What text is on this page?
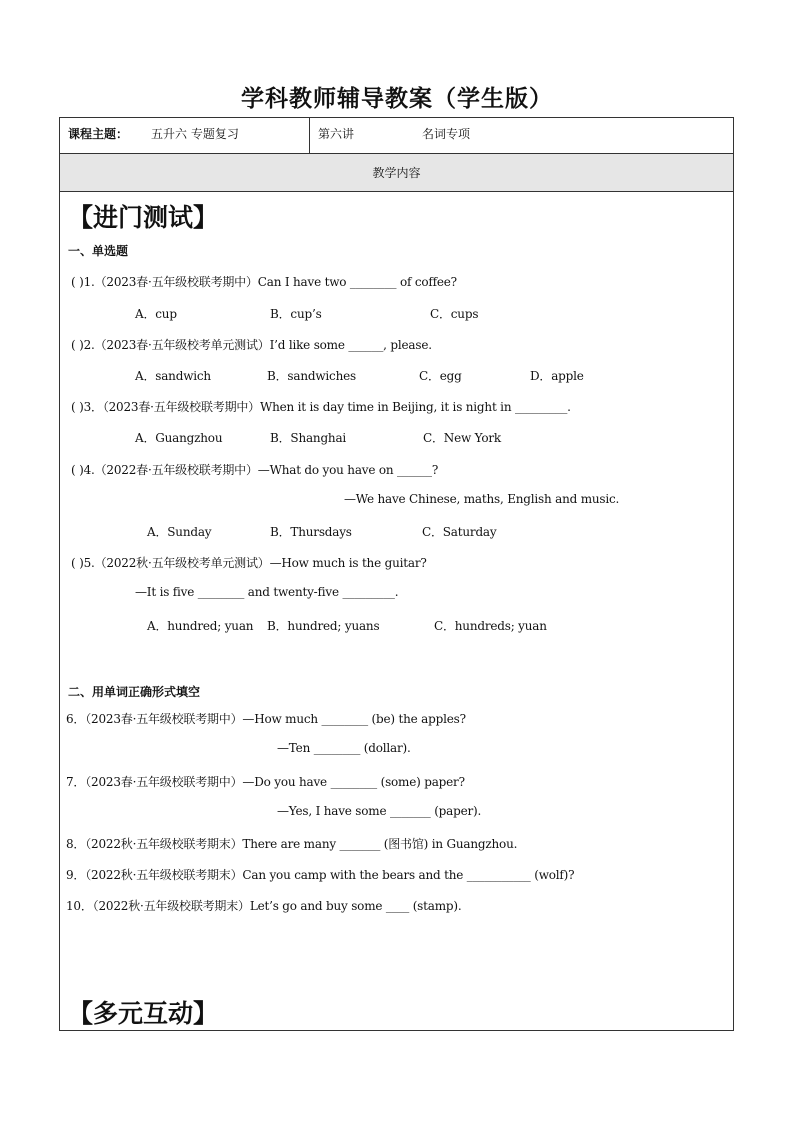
学科教师辅导教案（学生版）
课程主题： 五升六 专题复习	第六讲	名词专项
教学内容
【进门测试】
一、单选题
( )1.（2023春·五年级校联考期中）Can I have two ________ of coffee?
A．cup	B．cup’s	C．cups
( )2.（2023春·五年级校考单元测试）I’d like some ______, please.
A．sandwich	B．sandwiches	C．egg	D．apple
( )3．（2023春·五年级校联考期中）When it is day time in Beijing, it is night in _________.
A．Guangzhou	B．Shanghai	C．New York
( )4.（2022春·五年级校联考期中）—What do you have on ______?
—We have Chinese, maths, English and music.
A．Sunday	B．Thursdays	C．Saturday
( )5.（2022秋·五年级校考单元测试）—How much is the guitar?
—It is five ________ and twenty-five _________.
A．hundred; yuan B．hundred; yuans	C．hundreds; yuan
二、用单词正确形式填空
6．（2023春·五年级校联考期中）—How much ________ (be) the apples?
—Ten ________ (dollar).
7．（2023春·五年级校联考期中）—Do you have ________ (some) paper?
—Yes, I have some _______ (paper).
8．（2022秋·五年级校联考期末）There are many _______ (图书馆) in Guangzhou.
9．（2022秋·五年级校联考期末）Can you camp with the bears and the ___________ (wolf)?
10．（2022秋·五年级校联考期末）Let’s go and buy some ____ (stamp).
【多元互动】
